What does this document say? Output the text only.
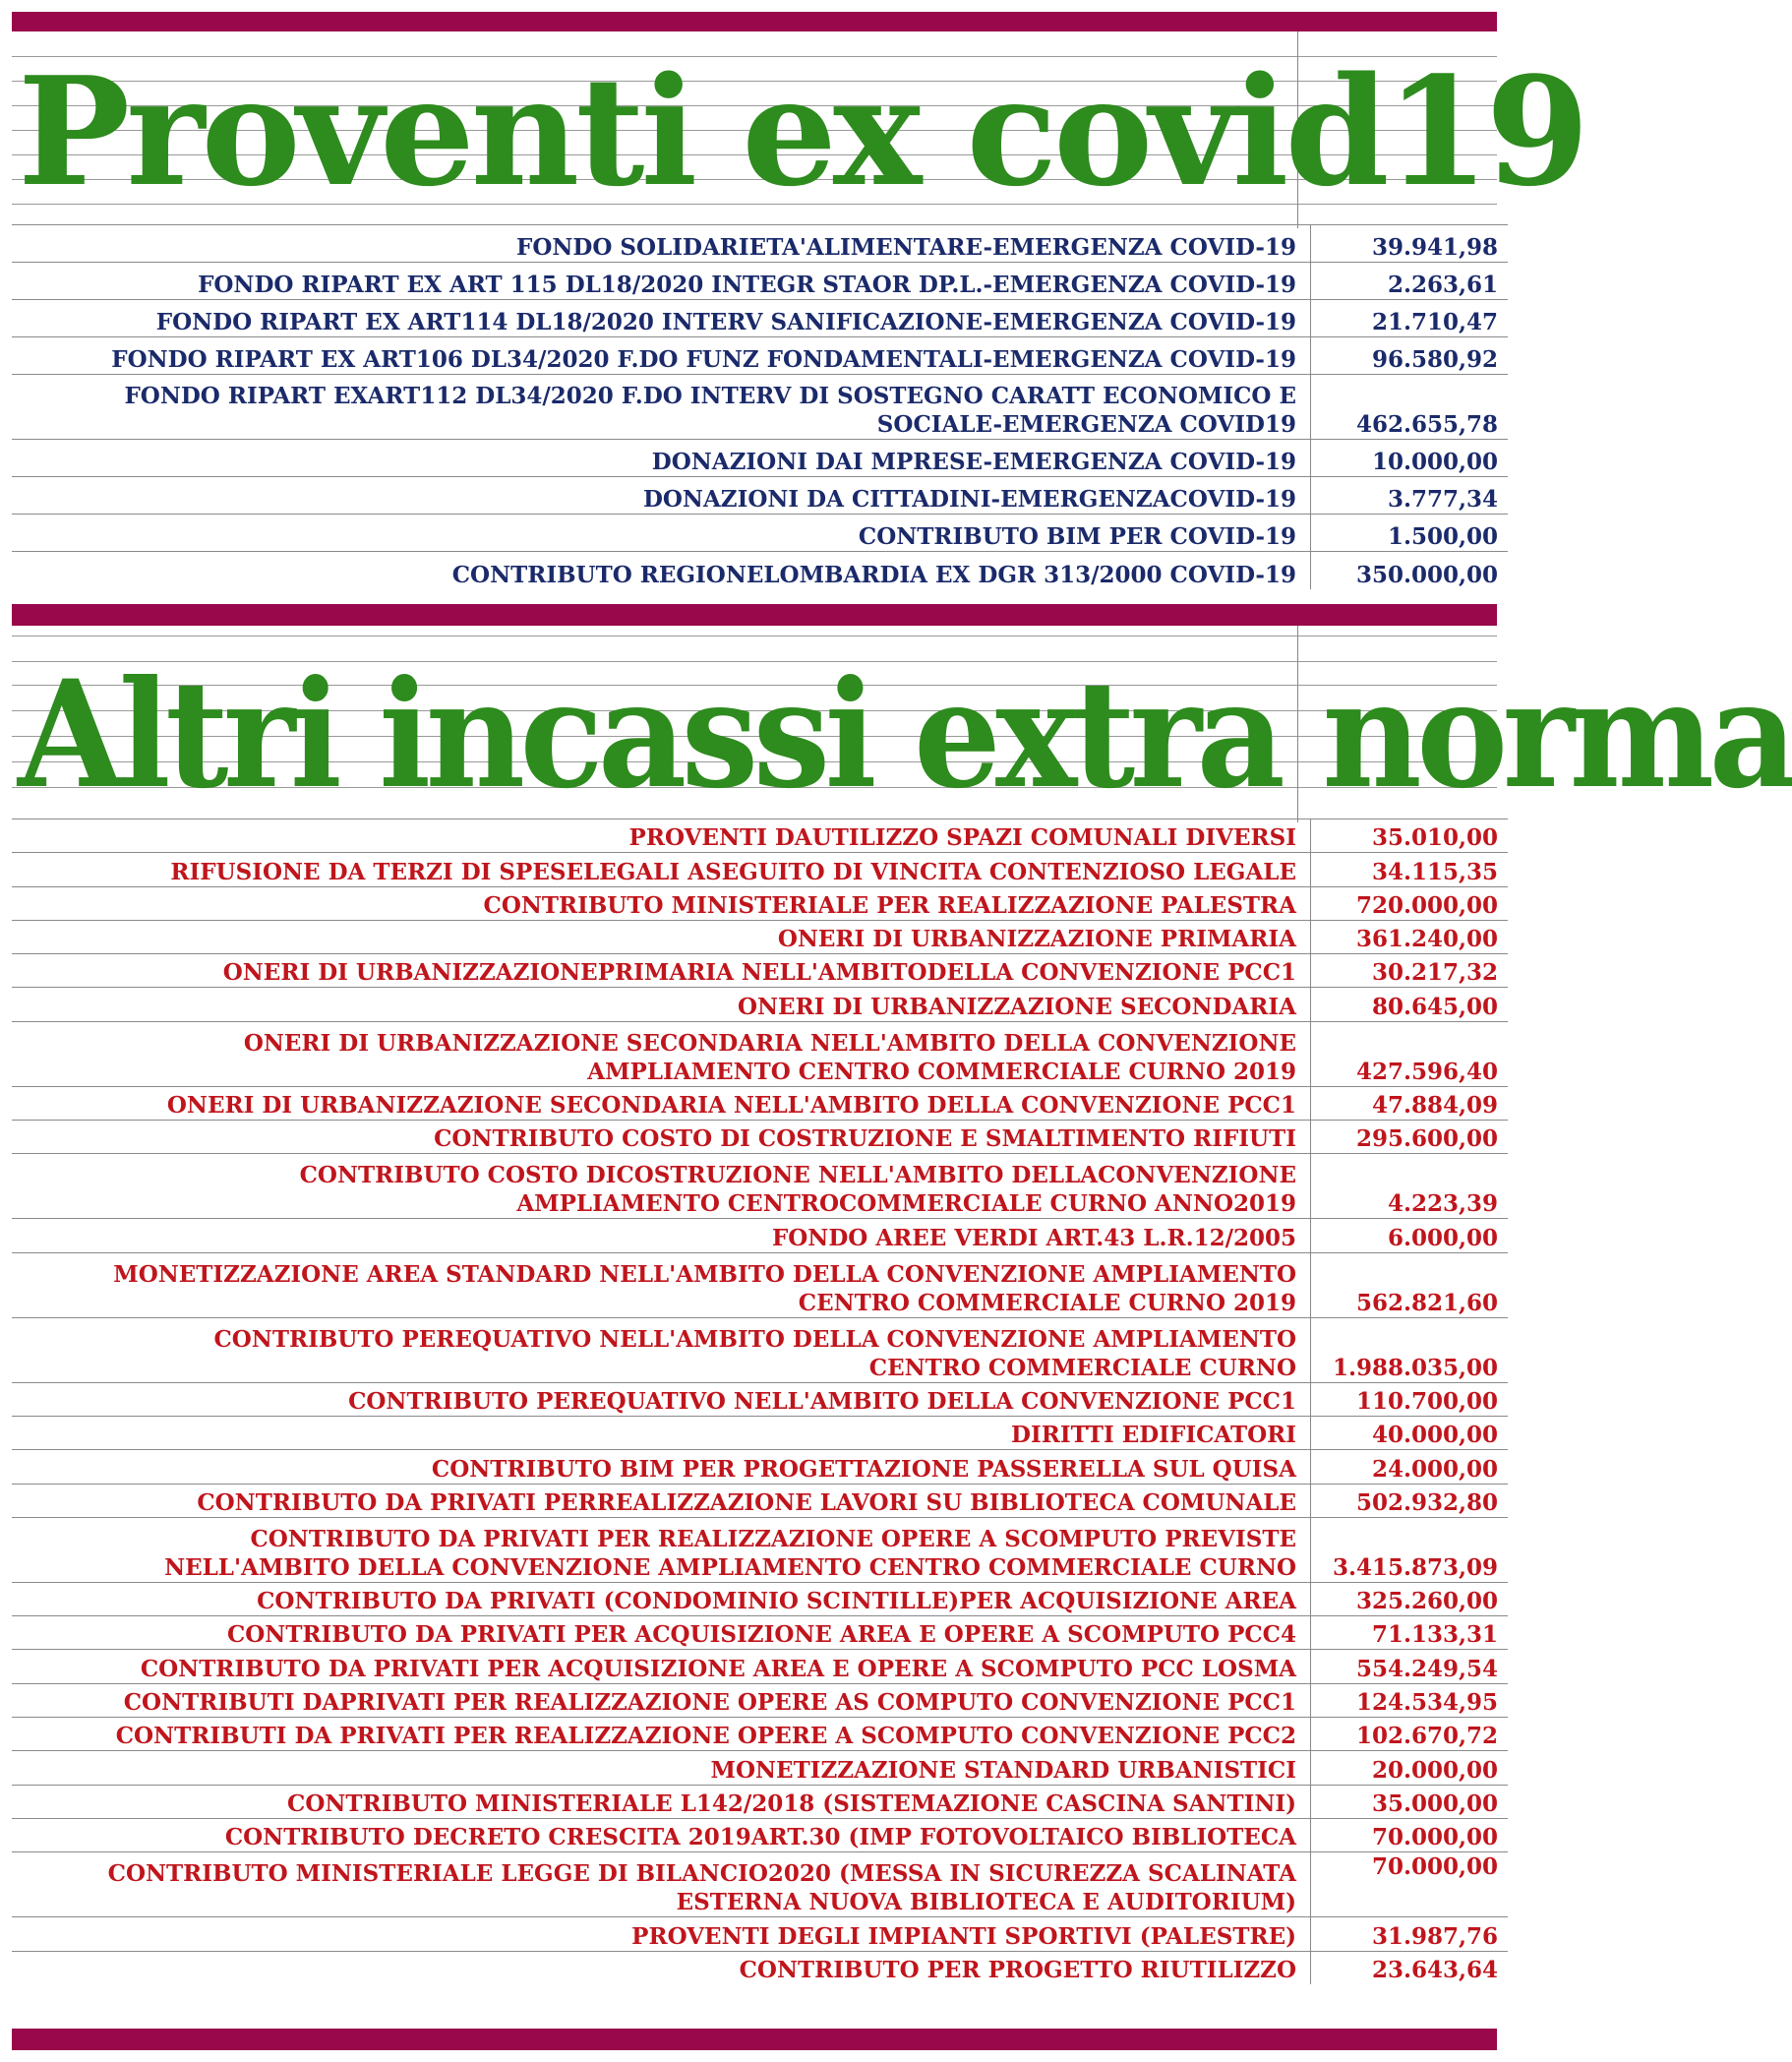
Proventi ex covid19
FONDO SOLIDARIETA'ALIMENTARE-EMERGENZA COVID-19	39.941,98
FONDO RIPART EX ART 115 DL18/2020 INTEGR STAOR DP.L.-EMERGENZA COVID-19	2.263,61
FONDO RIPART EX ART114 DL18/2020 INTERV SANIFICAZIONE-EMERGENZA COVID-19	21.710,47
FONDO RIPART EX ART106 DL34/2020 F.DO FUNZ FONDAMENTALI-EMERGENZA COVID-19	96.580,92
FONDO RIPART EXART112 DL34/2020 F.DO INTERV DI SOSTEGNO CARATT ECONOMICO E
SOCIALE-EMERGENZA COVID19	462.655,78
DONAZIONI DAI MPRESE-EMERGENZA COVID-19	10.000,00
DONAZIONI DA CITTADINI-EMERGENZACOVID-19	3.777,34
CONTRIBUTO BIM PER COVID-19	1.500,00
CONTRIBUTO REGIONELOMBARDIA EX DGR 313/2000 COVID-19	350.000,00
Altri incassi extra norma
PROVENTI DAUTILIZZO SPAZI COMUNALI DIVERSI	35.010,00
RIFUSIONE DA TERZI DI SPESELEGALI ASEGUITO DI VINCITA CONTENZIOSO LEGALE	34.115,35
CONTRIBUTO MINISTERIALE PER REALIZZAZIONE PALESTRA	720.000,00
ONERI DI URBANIZZAZIONE PRIMARIA	361.240,00
ONERI DI URBANIZZAZIONEPRIMARIA NELL'AMBITODELLA CONVENZIONE PCC1	30.217,32
ONERI DI URBANIZZAZIONE SECONDARIA	80.645,00
ONERI DI URBANIZZAZIONE SECONDARIA NELL'AMBITO DELLA CONVENZIONE
AMPLIAMENTO CENTRO COMMERCIALE CURNO 2019	427.596,40
ONERI DI URBANIZZAZIONE SECONDARIA NELL'AMBITO DELLA CONVENZIONE PCC1	47.884,09
CONTRIBUTO COSTO DI COSTRUZIONE E SMALTIMENTO RIFIUTI	295.600,00
CONTRIBUTO COSTO DICOSTRUZIONE NELL'AMBITO DELLACONVENZIONE
AMPLIAMENTO CENTROCOMMERCIALE CURNO ANNO2019	4.223,39
FONDO AREE VERDI ART.43 L.R.12/2005	6.000,00
MONETIZZAZIONE AREA STANDARD NELL'AMBITO DELLA CONVENZIONE AMPLIAMENTO
CENTRO COMMERCIALE CURNO 2019	562.821,60
CONTRIBUTO PEREQUATIVO NELL'AMBITO DELLA CONVENZIONE AMPLIAMENTO
CENTRO COMMERCIALE CURNO	1.988.035,00
CONTRIBUTO PEREQUATIVO NELL'AMBITO DELLA CONVENZIONE PCC1	110.700,00
DIRITTI EDIFICATORI	40.000,00
CONTRIBUTO BIM PER PROGETTAZIONE PASSERELLA SUL QUISA	24.000,00
CONTRIBUTO DA PRIVATI PERREALIZZAZIONE LAVORI SU BIBLIOTECA COMUNALE	502.932,80
CONTRIBUTO DA PRIVATI PER REALIZZAZIONE OPERE A SCOMPUTO PREVISTE
NELL'AMBITO DELLA CONVENZIONE AMPLIAMENTO CENTRO COMMERCIALE CURNO	3.415.873,09
CONTRIBUTO DA PRIVATI (CONDOMINIO SCINTILLE)PER ACQUISIZIONE AREA	325.260,00
CONTRIBUTO DA PRIVATI PER ACQUISIZIONE AREA E OPERE A SCOMPUTO PCC4	71.133,31
CONTRIBUTO DA PRIVATI PER ACQUISIZIONE AREA E OPERE A SCOMPUTO PCC LOSMA	554.249,54
CONTRIBUTI DAPRIVATI PER REALIZZAZIONE OPERE AS COMPUTO CONVENZIONE PCC1	124.534,95
CONTRIBUTI DA PRIVATI PER REALIZZAZIONE OPERE A SCOMPUTO CONVENZIONE PCC2	102.670,72
MONETIZZAZIONE STANDARD URBANISTICI	20.000,00
CONTRIBUTO MINISTERIALE L142/2018 (SISTEMAZIONE CASCINA SANTINI)	35.000,00
CONTRIBUTO DECRETO CRESCITA 2019ART.30 (IMP FOTOVOLTAICO BIBLIOTECA	70.000,00
CONTRIBUTO MINISTERIALE LEGGE DI BILANCIO2020 (MESSA IN SICUREZZA SCALINATA
ESTERNA NUOVA BIBLIOTECA E AUDITORIUM)	70.000,00
PROVENTI DEGLI IMPIANTI SPORTIVI (PALESTRE)	31.987,76
CONTRIBUTO PER PROGETTO RIUTILIZZO	23.643,64
